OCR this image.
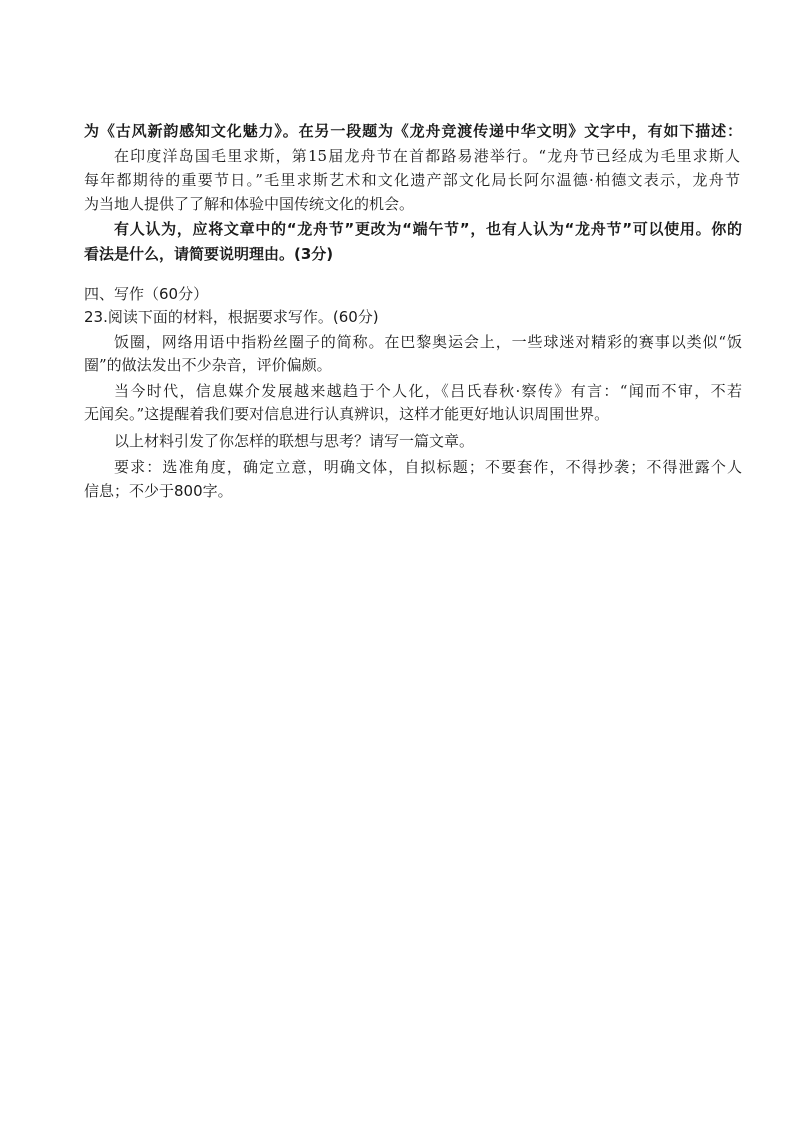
为《古风新韵感知文化魅力》。在另一段题为《龙舟竞渡传递中华文明》文字中，有如下描述：
在印度洋岛国毛里求斯，第15届龙舟节在首都路易港举行。“龙舟节已经成为毛里求斯人
每年都期待的重要节日。”毛里求斯艺术和文化遗产部文化局长阿尔温德·柏德文表示，龙舟节
为当地人提供了了解和体验中国传统文化的机会。
有人认为，应将文章中的“龙舟节”更改为“端午节”，也有人认为“龙舟节”可以使用。你的
看法是什么，请简要说明理由。(3分)
四、写作（60分）
23.阅读下面的材料，根据要求写作。(60分)
饭圈，网络用语中指粉丝圈子的简称。在巴黎奥运会上，一些球迷对精彩的赛事以类似“饭
圈”的做法发出不少杂音，评价偏颇。
当今时代，信息媒介发展越来越趋于个人化，《吕氏春秋·察传》有言：“闻而不审，不若
无闻矣。”这提醒着我们要对信息进行认真辨识，这样才能更好地认识周围世界。
以上材料引发了你怎样的联想与思考？请写一篇文章。
要求：选准角度，确定立意，明确文体，自拟标题；不要套作，不得抄袭；不得泄露个人
信息；不少于800字。
